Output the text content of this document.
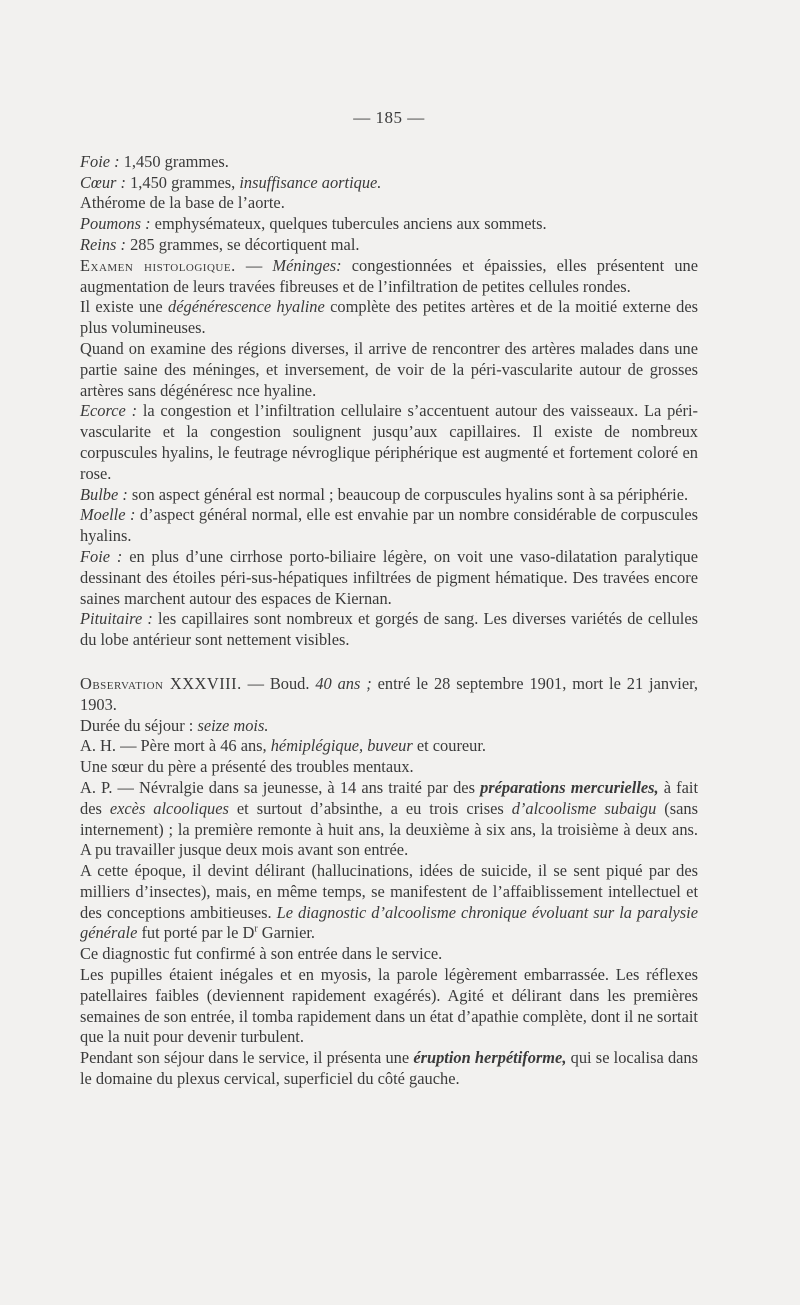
— 185 —

Foie : 1,450 grammes.

Cœur : 1,450 grammes, insuffisance aortique.

Athérome de la base de l’aorte.

Poumons : emphysémateux, quelques tubercules anciens aux sommets.

Reins : 285 grammes, se décortiquent mal.

Examen histologique. — Méninges: congestionnées et épaissies, elles présentent une augmentation de leurs travées fibreuses et de l’infiltration de petites cellules rondes.

Il existe une dégénérescence hyaline complète des petites artères et de la moitié externe des plus volumineuses.

Quand on examine des régions diverses, il arrive de rencontrer des artères malades dans une partie saine des méninges, et inversement, de voir de la péri-vascularite autour de grosses artères sans dégénéresc nce hyaline.

Ecorce : la congestion et l’infiltration cellulaire s’accentuent autour des vaisseaux. La péri-vascularite et la congestion soulignent jusqu’aux capillaires. Il existe de nombreux corpuscules hyalins, le feutrage névroglique périphérique est augmenté et fortement coloré en rose.

Bulbe : son aspect général est normal ; beaucoup de corpuscules hyalins sont à sa périphérie.

Moelle : d’aspect général normal, elle est envahie par un nombre considérable de corpuscules hyalins.

Foie : en plus d’une cirrhose porto-biliaire légère, on voit une vaso-dilatation paralytique dessinant des étoiles péri-sus-hépatiques infiltrées de pigment hématique. Des travées encore saines marchent autour des espaces de Kiernan.

Pituitaire : les capillaires sont nombreux et gorgés de sang. Les diverses variétés de cellules du lobe antérieur sont nettement visibles.

Observation XXXVIII. — Boud. 40 ans ; entré le 28 septembre 1901, mort le 21 janvier, 1903.

Durée du séjour : seize mois.

A. H. — Père mort à 46 ans, hémiplégique, buveur et coureur.

Une sœur du père a présenté des troubles mentaux.

A. P. — Névralgie dans sa jeunesse, à 14 ans traité par des préparations mercurielles, à fait des excès alcooliques et surtout d’absinthe, a eu trois crises d’alcoolisme subaigu (sans internement) ; la première remonte à huit ans, la deuxième à six ans, la troisième à deux ans. A pu travailler jusque deux mois avant son entrée.

A cette époque, il devint délirant (hallucinations, idées de suicide, il se sent piqué par des milliers d’insectes), mais, en même temps, se manifestent de l’affaiblissement intellectuel et des conceptions ambitieuses. Le diagnostic d’alcoolisme chronique évoluant sur la paralysie générale fut porté par le $D^r$ Garnier.

Ce diagnostic fut confirmé à son entrée dans le service.

Les pupilles étaient inégales et en myosis, la parole légèrement embarrassée. Les réflexes patellaires faibles (deviennent rapidement exagérés). Agité et délirant dans les premières semaines de son entrée, il tomba rapidement dans un état d’apathie complète, dont il ne sortait que la nuit pour devenir turbulent.

Pendant son séjour dans le service, il présenta une éruption herpétiforme, qui se localisa dans le domaine du plexus cervical, superficiel du côté gauche.
